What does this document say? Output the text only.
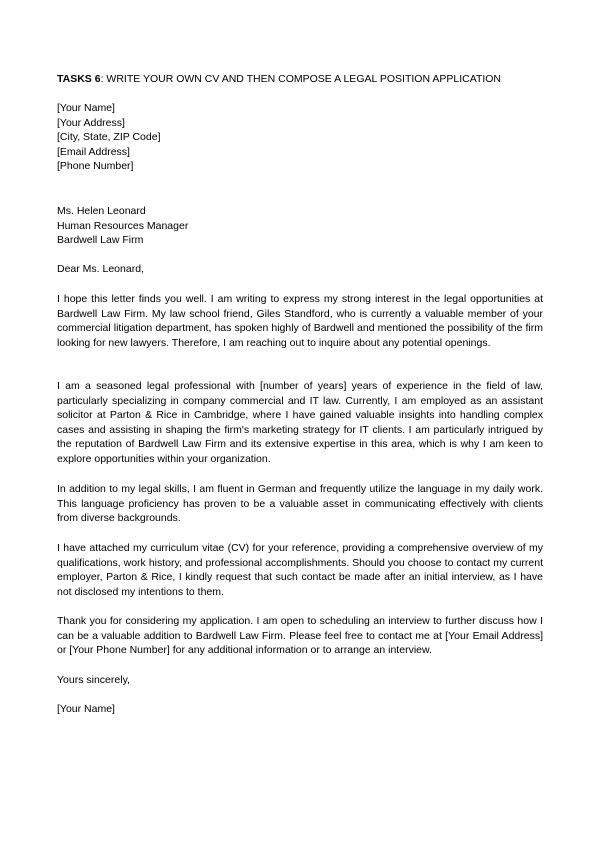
TASKS 6: WRITE YOUR OWN CV AND THEN COMPOSE A LEGAL POSITION APPLICATION
[Your Name]
[Your Address]
[City, State, ZIP Code]
[Email Address]
[Phone Number]
Ms. Helen Leonard
Human Resources Manager
Bardwell Law Firm
Dear Ms. Leonard,

I hope this letter finds you well. I am writing to express my strong interest in the legal opportunities at Bardwell Law Firm. My law school friend, Giles Standford, who is currently a valuable member of your commercial litigation department, has spoken highly of Bardwell and mentioned the possibility of the firm looking for new lawyers. Therefore, I am reaching out to inquire about any potential openings.

I am a seasoned legal professional with [number of years] years of experience in the field of law, particularly specializing in company commercial and IT law. Currently, I am employed as an assistant solicitor at Parton & Rice in Cambridge, where I have gained valuable insights into handling complex cases and assisting in shaping the firm's marketing strategy for IT clients. I am particularly intrigued by the reputation of Bardwell Law Firm and its extensive expertise in this area, which is why I am keen to explore opportunities within your organization.

In addition to my legal skills, I am fluent in German and frequently utilize the language in my daily work. This language proficiency has proven to be a valuable asset in communicating effectively with clients from diverse backgrounds.

I have attached my curriculum vitae (CV) for your reference, providing a comprehensive overview of my qualifications, work history, and professional accomplishments. Should you choose to contact my current employer, Parton & Rice, I kindly request that such contact be made after an initial interview, as I have not disclosed my intentions to them.

Thank you for considering my application. I am open to scheduling an interview to further discuss how I can be a valuable addition to Bardwell Law Firm. Please feel free to contact me at [Your Email Address] or [Your Phone Number] for any additional information or to arrange an interview.

Yours sincerely,
[Your Name]
